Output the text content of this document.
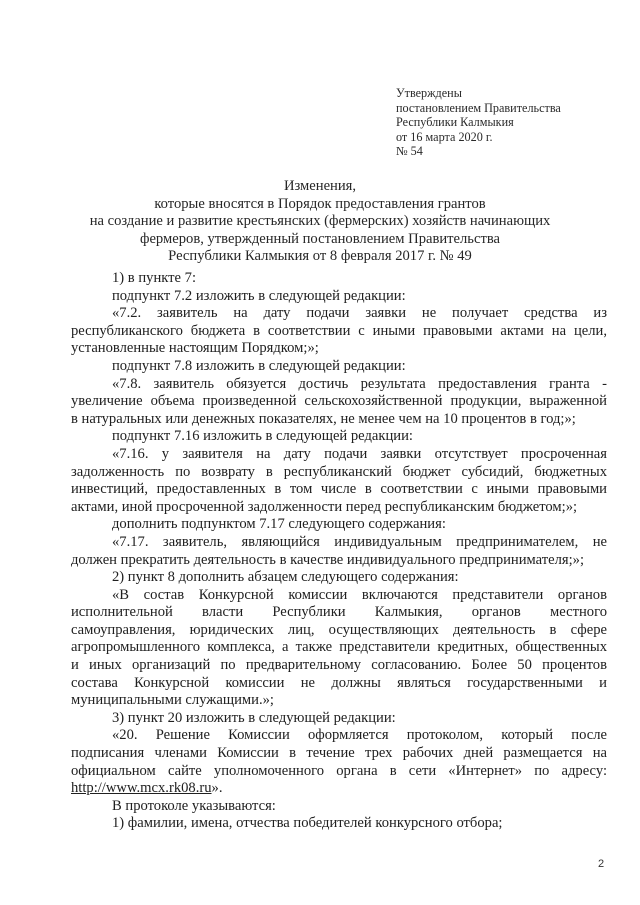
Утверждены
постановлением Правительства
Республики Калмыкия
от 16 марта 2020 г.
№ 54
Изменения,
которые вносятся в Порядок предоставления грантов
на создание и развитие крестьянских (фермерских) хозяйств начинающих
фермеров, утвержденный постановлением Правительства
Республики Калмыкия от 8 февраля 2017 г. № 49
1) в пункте 7:
подпункт 7.2 изложить в следующей редакции:
«7.2. заявитель на дату подачи заявки не получает средства из
республиканского бюджета в соответствии с иными правовыми актами на цели,
установленные настоящим Порядком;»;
подпункт 7.8 изложить в следующей редакции:
«7.8. заявитель обязуется достичь результата предоставления гранта -
увеличение объема произведенной сельскохозяйственной продукции, выраженной
в натуральных или денежных показателях, не менее чем на 10 процентов в год;»;
подпункт 7.16 изложить в следующей редакции:
«7.16. у заявителя на дату подачи заявки отсутствует просроченная
задолженность по возврату в республиканский бюджет субсидий, бюджетных
инвестиций, предоставленных в том числе в соответствии с иными правовыми
актами, иной просроченной задолженности перед республиканским бюджетом;»;
дополнить подпунктом 7.17 следующего содержания:
«7.17. заявитель, являющийся индивидуальным предпринимателем, не
должен прекратить деятельность в качестве индивидуального предпринимателя;»;
2) пункт 8 дополнить абзацем следующего содержания:
«В состав Конкурсной комиссии включаются представители органов
исполнительной власти Республики Калмыкия, органов местного
самоуправления, юридических лиц, осуществляющих деятельность в сфере
агропромышленного комплекса, а также представители кредитных, общественных
и иных организаций по предварительному согласованию. Более 50 процентов
состава Конкурсной комиссии не должны являться государственными и
муниципальными служащими.»;
3) пункт 20 изложить в следующей редакции:
«20. Решение Комиссии оформляется протоколом, который после
подписания членами Комиссии в течение трех рабочих дней размещается на
официальном сайте уполномоченного органа в сети «Интернет» по адресу:
http://www.mcx.rk08.ru».
В протоколе указываются:
1) фамилии, имена, отчества победителей конкурсного отбора;
2
